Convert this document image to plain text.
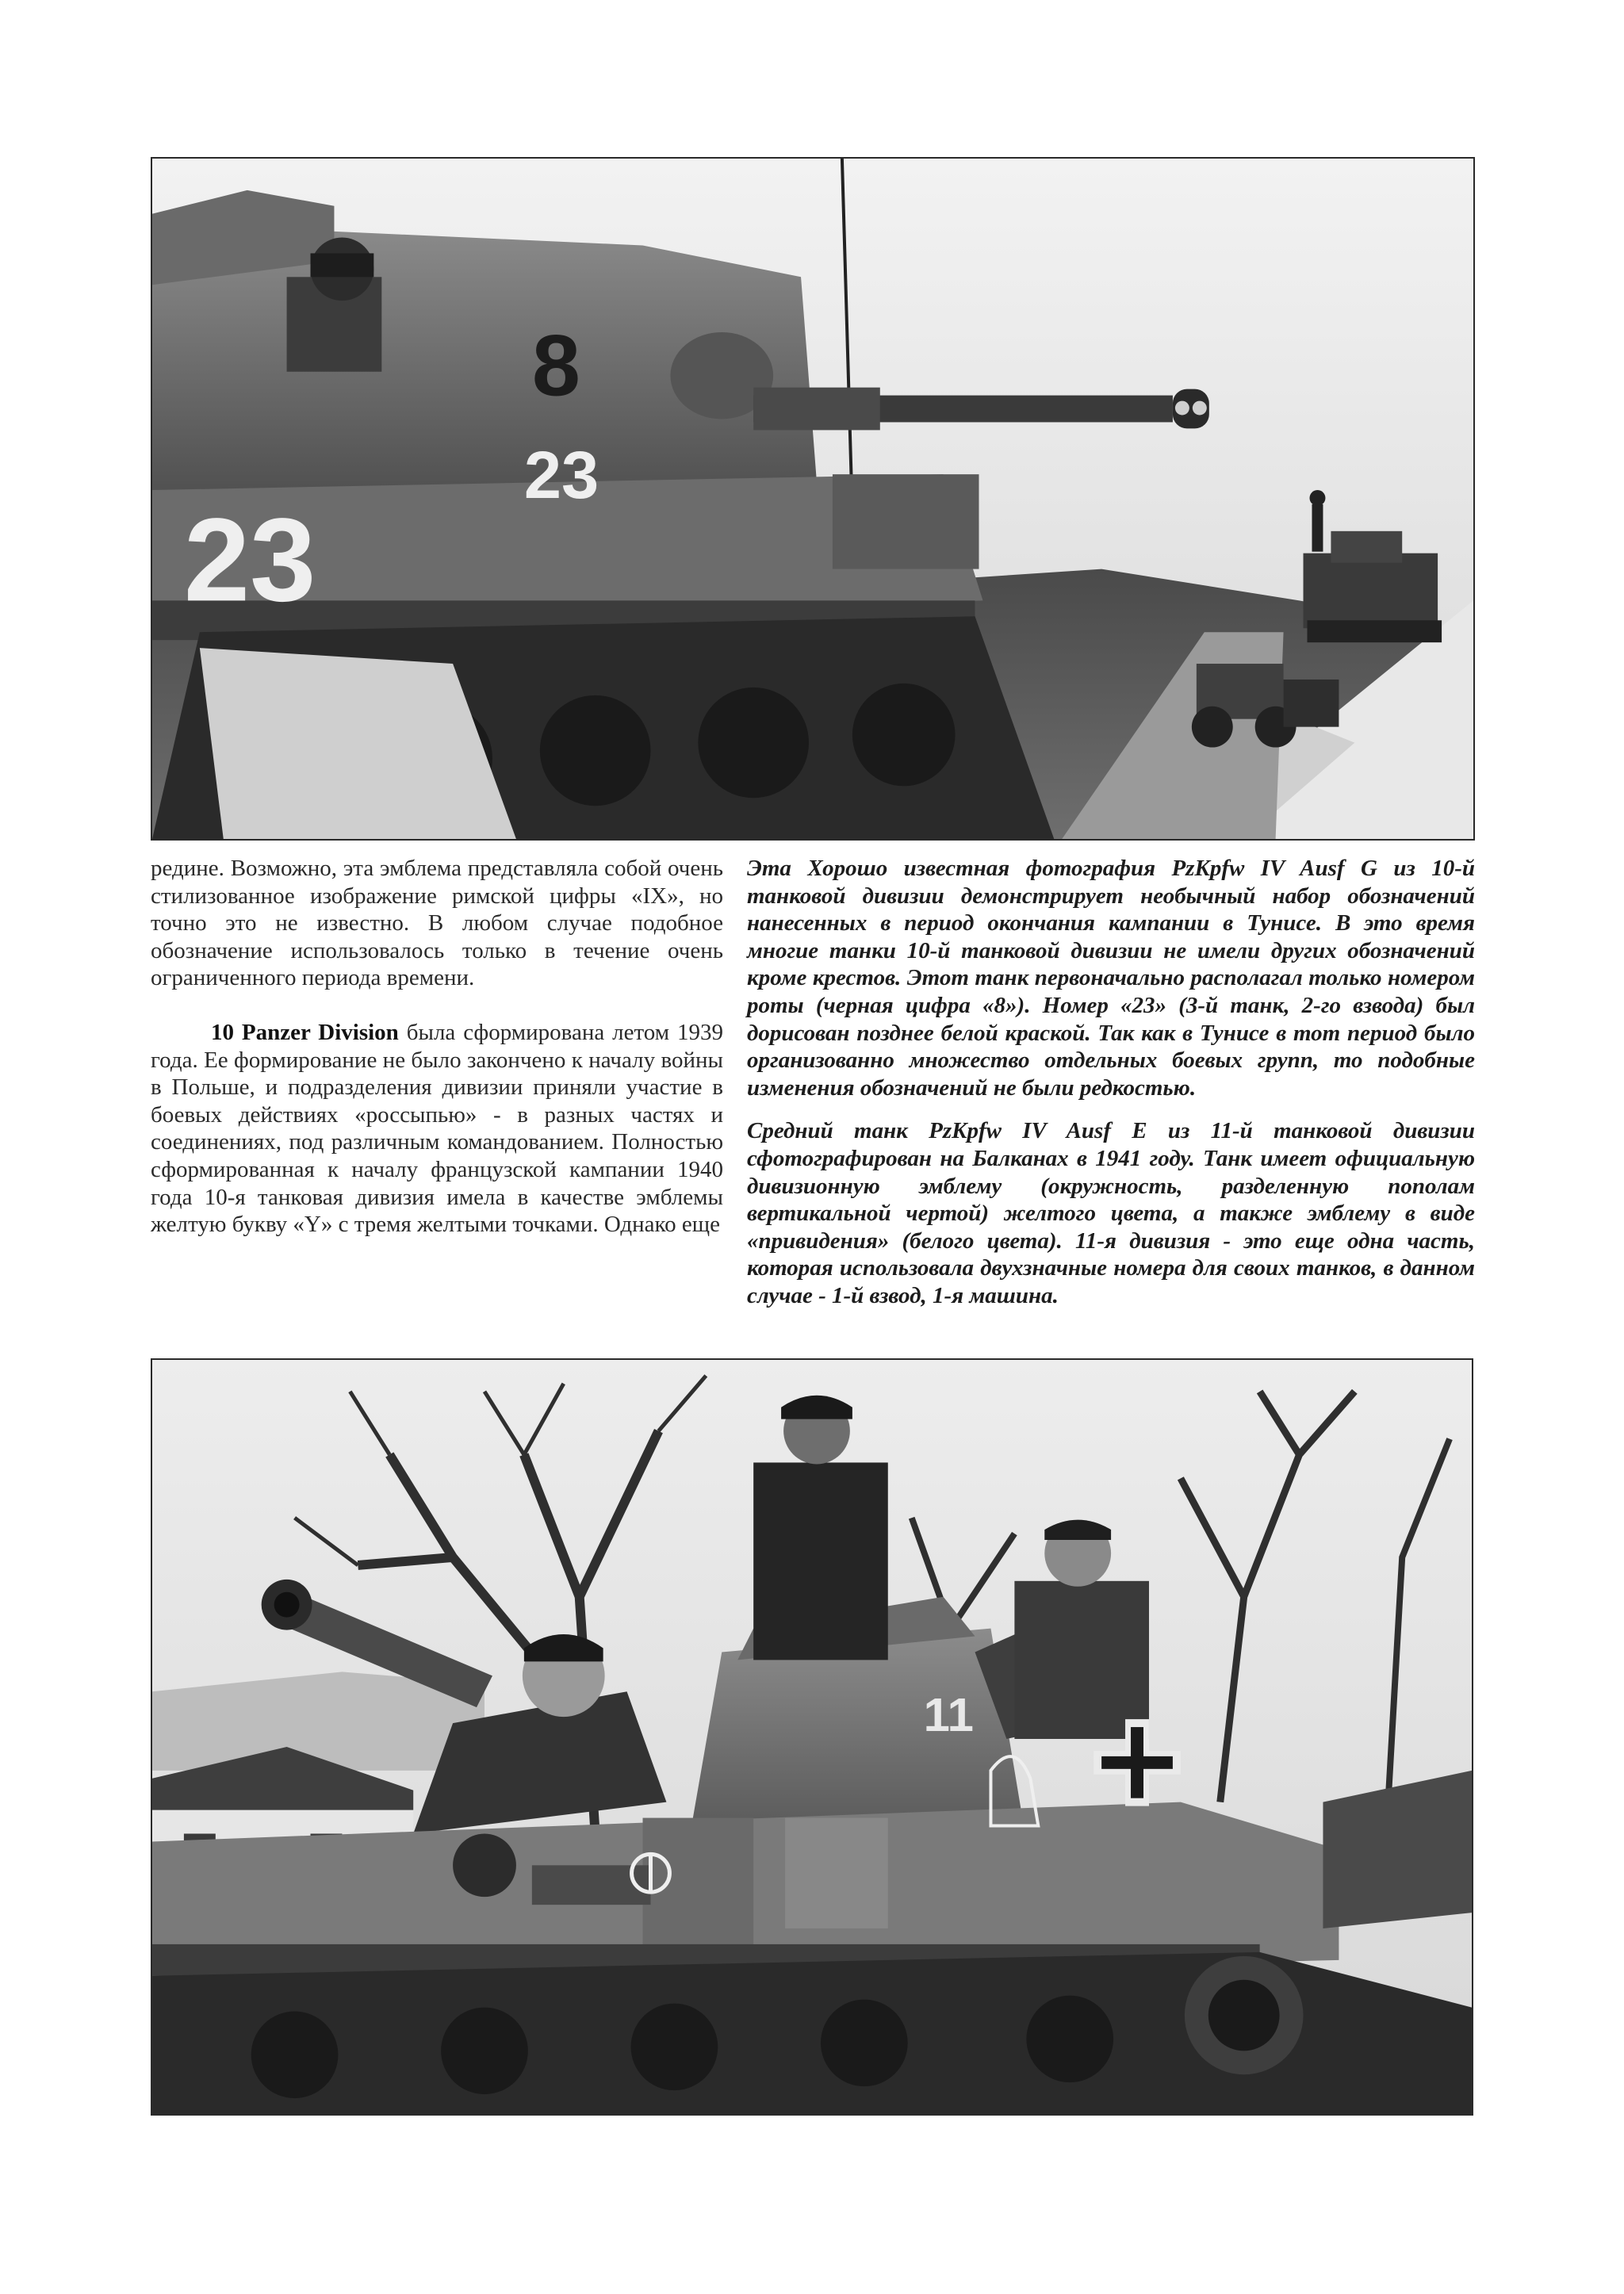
23
23
8

редине. Возможно, эта эмблема представляла собой очень стилизованное изображение римской цифры «IX», но точно это не известно. В любом случае подобное обозначение использовалось только в течение очень ограниченного периода времени.

10 Panzer Division была сформирована летом 1939 года. Ее формирование не было закончено к началу войны в Польше, и подразделения дивизии приняли участие в боевых действиях «россыпью» - в разных частях и соединениях, под различным командованием. Полностью сформированная к началу французской кампании 1940 года 10-я танковая дивизия имела в качестве эмблемы желтую букву «Y» с тремя желтыми точками. Однако еще

Эта Хорошо известная фотография PzKpfw IV Ausf G из 10-й танковой дивизии демонстрирует необычный набор обозначений нанесенных в период окончания кампании в Тунисе. В это время многие танки 10-й танковой дивизии не имели других обозначений кроме крестов. Этот танк первоначально располагал только номером роты (черная цифра «8»). Номер «23» (3-й танк, 2-го взвода) был дорисован позднее белой краской. Так как в Тунисе в тот период было организованно множество отдельных боевых групп, то подобные изменения обозначений не были редкостью.

Средний танк PzKpfw IV Ausf E из 11-й танковой дивизии сфотографирован на Балканах в 1941 году. Танк имеет официальную дивизионную эмблему (окружность, разделенную пополам вертикальной чертой) желтого цвета, а также эмблему в виде «привидения» (белого цвета). 11-я дивизия - это еще одна часть, которая использовала двухзначные номера для своих танков, в данном случае - 1-й взвод, 1-я машина.

11
